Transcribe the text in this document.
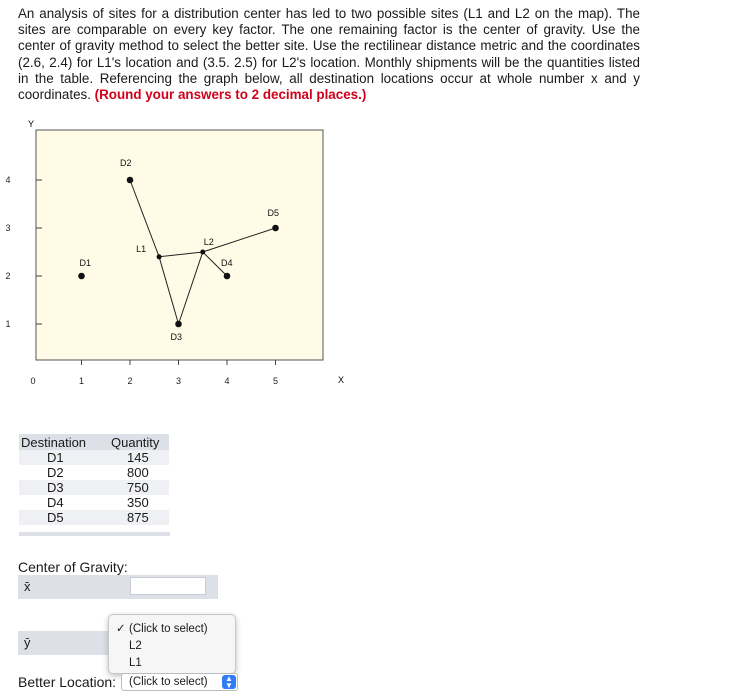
An analysis of sites for a distribution center has led to two possible sites (L1 and L2 on the map). The sites are comparable on every key factor. The one remaining factor is the center of gravity. Use the center of gravity method to select the better site. Use the rectilinear distance metric and the coordinates (2.6, 2.4) for L1's location and (3.5. 2.5) for L2's location. Monthly shipments will be the quantities listed in the table. Referencing the graph below, all destination locations occur at whole number x and y coordinates. (Round your answers to 2 decimal places.)
Y
X
0	1	2	3	4	5
1
2
3
4
D1
D2
D3
D4
D5
L1
L2
Destination	Quantity
D1	145
D2	800
D3	750
D4	350
D5	875
Center of Gravity:
x̄
ȳ
✓ (Click to select)
L2
L1
Better Location:	(Click to select)	▲
▼
